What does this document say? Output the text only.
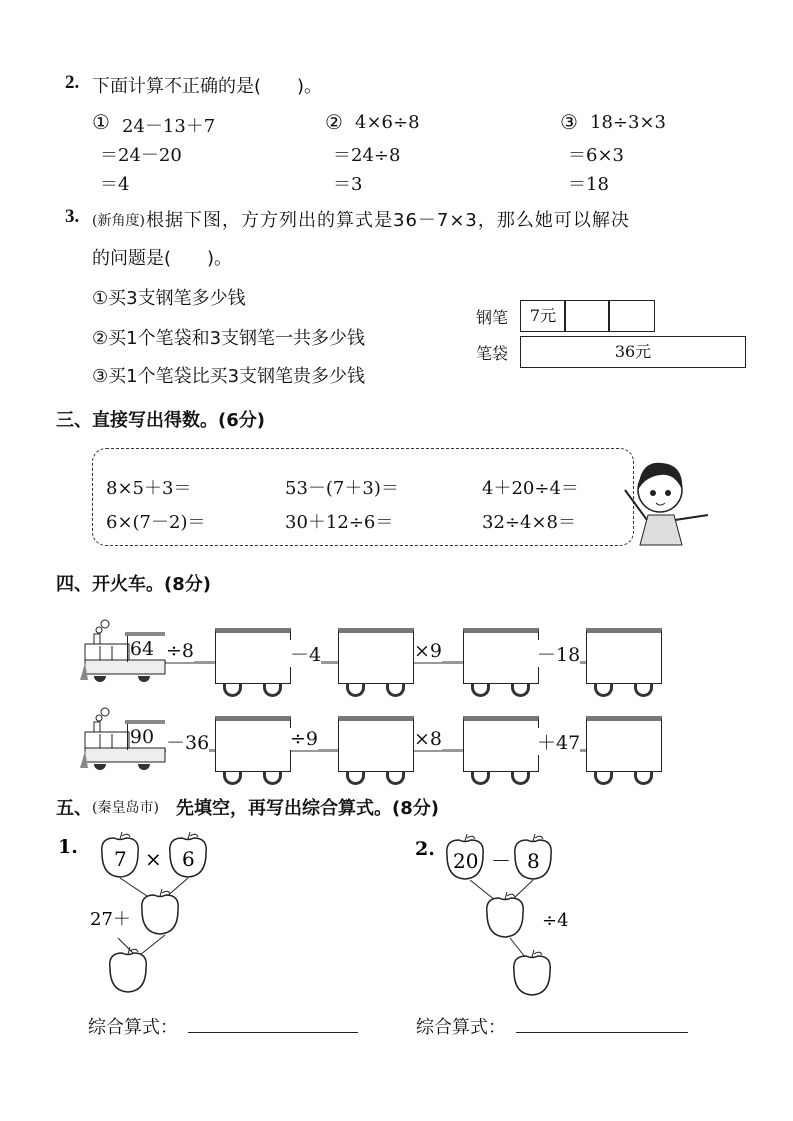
2. 下面计算不正确的是(　　)。
① 24－13＋7
＝24－20
＝4
② 4×6÷8
＝24÷8
＝3
③ 18÷3×3
＝6×3
＝18
3. (新角度) 根据下图，方方列出的算式是36－7×3，那么她可以解决
的问题是(　　)。
①买3支钢笔多少钱
②买1个笔袋和3支钢笔一共多少钱
③买1个笔袋比买3支钢笔贵多少钱
钢笔	7元
笔袋	36元
三、直接写出得数。(6分)
8×5＋3＝	53－(7＋3)＝	4＋20÷4＝
6×(7－2)＝	30＋12÷6＝	32÷4×8＝
四、开火车。(8分)
64 ÷8	－4	×9	－18
90 －36	÷9	×8	＋47
五、 (秦皇岛市) 先填空，再写出综合算式。(8分)
1. 7 × 6
27＋
2. 20 － 8
÷4
综合算式：	综合算式：
